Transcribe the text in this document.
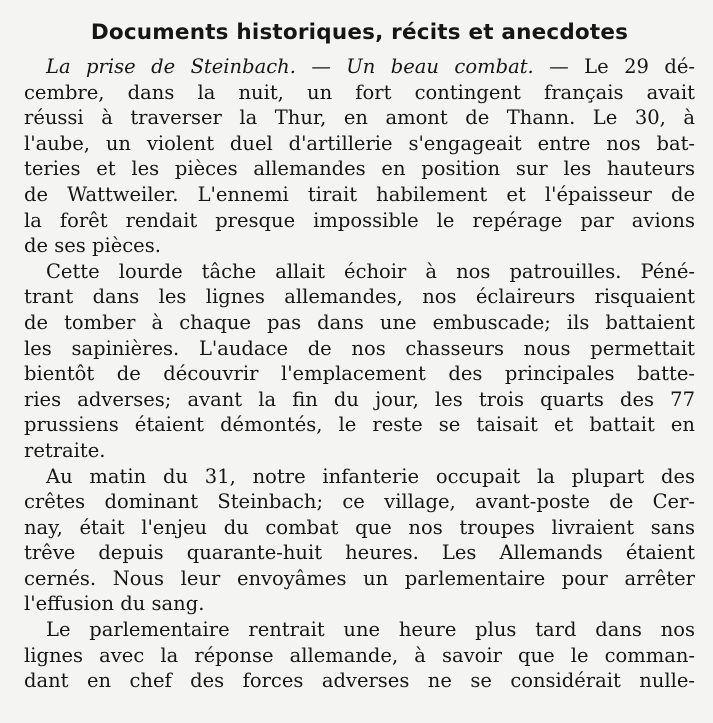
Documents historiques, récits et anecdotes
La prise de Steinbach. — Un beau combat. — Le 29 dé-
cembre, dans la nuit, un fort contingent français avait
réussi à traverser la Thur, en amont de Thann. Le 30, à
l'aube, un violent duel d'artillerie s'engageait entre nos bat-
teries et les pièces allemandes en position sur les hauteurs
de Wattweiler. L'ennemi tirait habilement et l'épaisseur de
la forêt rendait presque impossible le repérage par avions
de ses pièces.
Cette lourde tâche allait échoir à nos patrouilles. Péné-
trant dans les lignes allemandes, nos éclaireurs risquaient
de tomber à chaque pas dans une embuscade; ils battaient
les sapinières. L'audace de nos chasseurs nous permettait
bientôt de découvrir l'emplacement des principales batte-
ries adverses; avant la fin du jour, les trois quarts des 77
prussiens étaient démontés, le reste se taisait et battait en
retraite.
Au matin du 31, notre infanterie occupait la plupart des
crêtes dominant Steinbach; ce village, avant-poste de Cer-
nay, était l'enjeu du combat que nos troupes livraient sans
trêve depuis quarante-huit heures. Les Allemands étaient
cernés. Nous leur envoyâmes un parlementaire pour arrêter
l'effusion du sang.
Le parlementaire rentrait une heure plus tard dans nos
lignes avec la réponse allemande, à savoir que le comman-
dant en chef des forces adverses ne se considérait nulle-
